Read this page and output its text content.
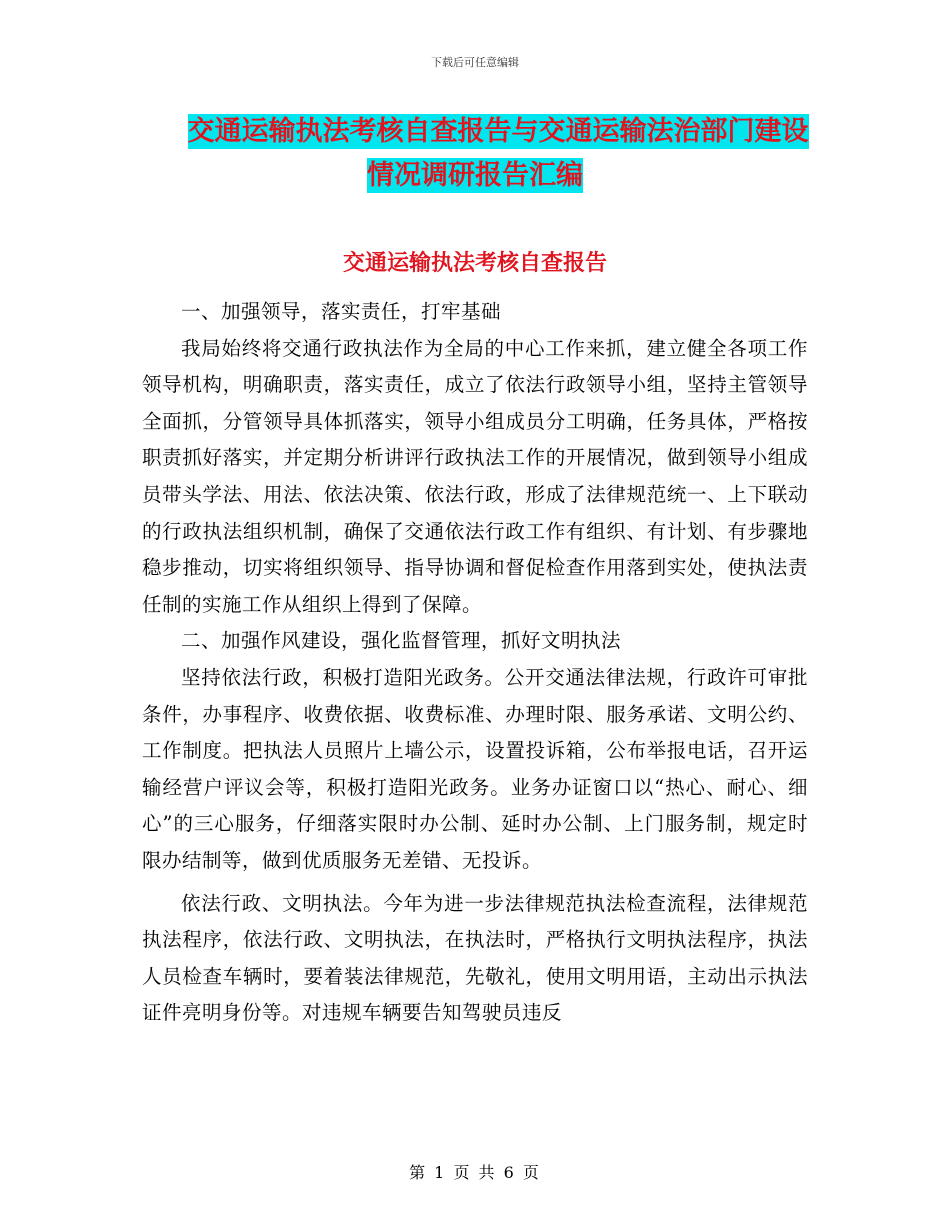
下载后可任意编辑
交通运输执法考核自查报告与交通运输法治部门建设
情况调研报告汇编
交通运输执法考核自查报告

一、加强领导，落实责任，打牢基础

我局始终将交通行政执法作为全局的中心工作来抓，建立健全各项工作领导机构，明确职责，落实责任，成立了依法行政领导小组，坚持主管领导全面抓，分管领导具体抓落实，领导小组成员分工明确，任务具体，严格按职责抓好落实，并定期分析讲评行政执法工作的开展情况，做到领导小组成员带头学法、用法、依法决策、依法行政，形成了法律规范统一、上下联动的行政执法组织机制，确保了交通依法行政工作有组织、有计划、有步骤地稳步推动，切实将组织领导、指导协调和督促检查作用落到实处，使执法责任制的实施工作从组织上得到了保障。

二、加强作风建设，强化监督管理，抓好文明执法

坚持依法行政，积极打造阳光政务。公开交通法律法规，行政许可审批条件，办事程序、收费依据、收费标准、办理时限、服务承诺、文明公约、工作制度。把执法人员照片上墙公示，设置投诉箱，公布举报电话，召开运输经营户评议会等，积极打造阳光政务。业务办证窗口以“热心、耐心、细心”的三心服务，仔细落实限时办公制、延时办公制、上门服务制，规定时限办结制等，做到优质服务无差错、无投诉。

依法行政、文明执法。今年为进一步法律规范执法检查流程，法律规范执法程序，依法行政、文明执法，在执法时，严格执行文明执法程序，执法人员检查车辆时，要着装法律规范，先敬礼，使用文明用语，主动出示执法证件亮明身份等。对违规车辆要告知驾驶员违反

第 1 页 共 6 页
